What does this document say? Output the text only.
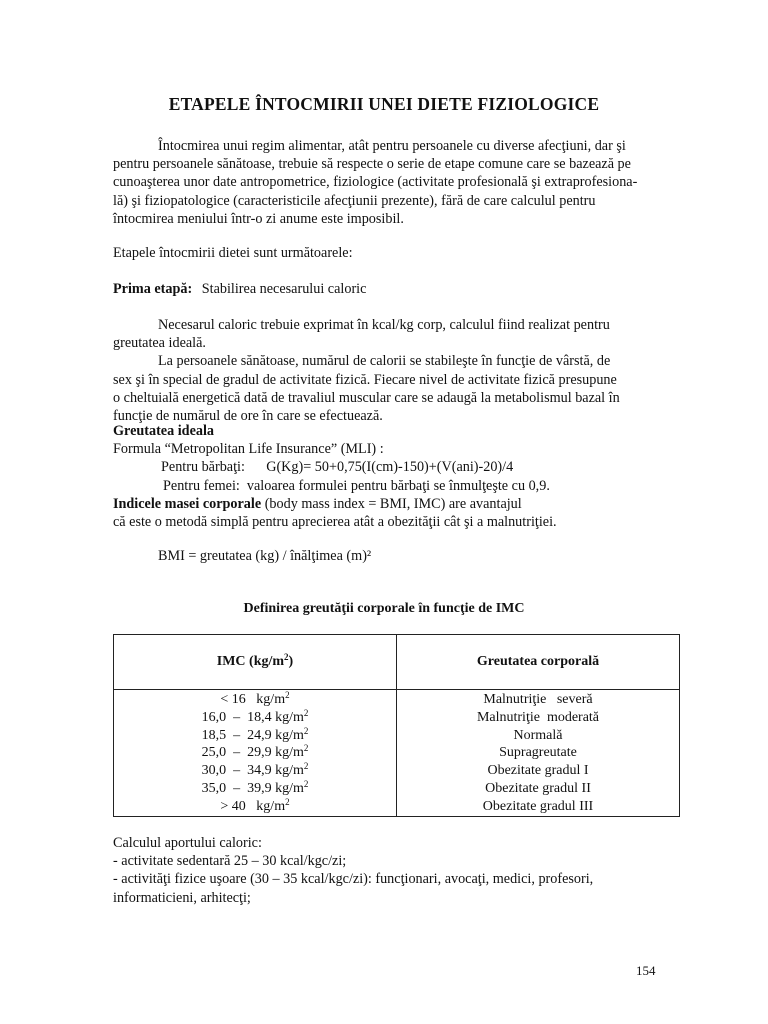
ETAPELE ÎNTOCMIRII UNEI DIETE FIZIOLOGICE
Întocmirea unui regim alimentar, atât pentru persoanele cu diverse afecţiuni, dar şi
pentru persoanele sănătoase, trebuie să respecte o serie de etape comune care se bazează pe
cunoaşterea unor date antropometrice, fiziologice (activitate profesională şi extraprofesiona-
lă) şi fiziopatologice (caracteristicile afecţiunii prezente), fără de care calculul pentru
întocmirea meniului într-o zi anume este imposibil.
Etapele întocmirii dietei sunt următoarele:
Prima etapă: Stabilirea necesarului caloric
Necesarul caloric trebuie exprimat în kcal/kg corp, calculul fiind realizat pentru
greutatea ideală.
La persoanele sănătoase, numărul de calorii se stabileşte în funcţie de vârstă, de
sex şi în special de gradul de activitate fizică. Fiecare nivel de activitate fizică presupune
o cheltuială energetică dată de travaliul muscular care se adaugă la metabolismul bazal în
funcţie de numărul de ore în care se efectuează.
Greutatea ideala
Formula “Metropolitan Life Insurance” (MLI) :
Pentru bărbaţi:      G(Kg)= 50+0,75(I(cm)-150)+(V(ani)-20)/4
Pentru femei:  valoarea formulei pentru bărbaţi se înmulţeşte cu 0,9.
Indicele masei corporale (body mass index = BMI, IMC) are avantajul
că este o metodă simplă pentru aprecierea atât a obezităţii cât şi a malnutriţiei.
BMI = greutatea (kg) / înălţimea (m)²
Definirea greutăţii corporale în funcţie de IMC
IMC $(kg/m^2)$	Greutatea corporală
< 16   $kg/m^2$	Malnutriţie   severă
16,0  –  18,4 $kg/m^2$	Malnutriţie  moderată
18,5  –  24,9 $kg/m^2$	Normală
25,0  –  29,9 $kg/m^2$	Supragreutate
30,0  –  34,9 $kg/m^2$	Obezitate gradul I
35,0  –  39,9 $kg/m^2$	Obezitate gradul II
> 40   $kg/m^2$	Obezitate gradul III
Calculul aportului caloric:
- activitate sedentară 25 – 30 kcal/kgc/zi;
- activităţi fizice uşoare (30 – 35 kcal/kgc/zi): funcţionari, avocaţi, medici, profesori,
informaticieni, arhitecţi;
154
